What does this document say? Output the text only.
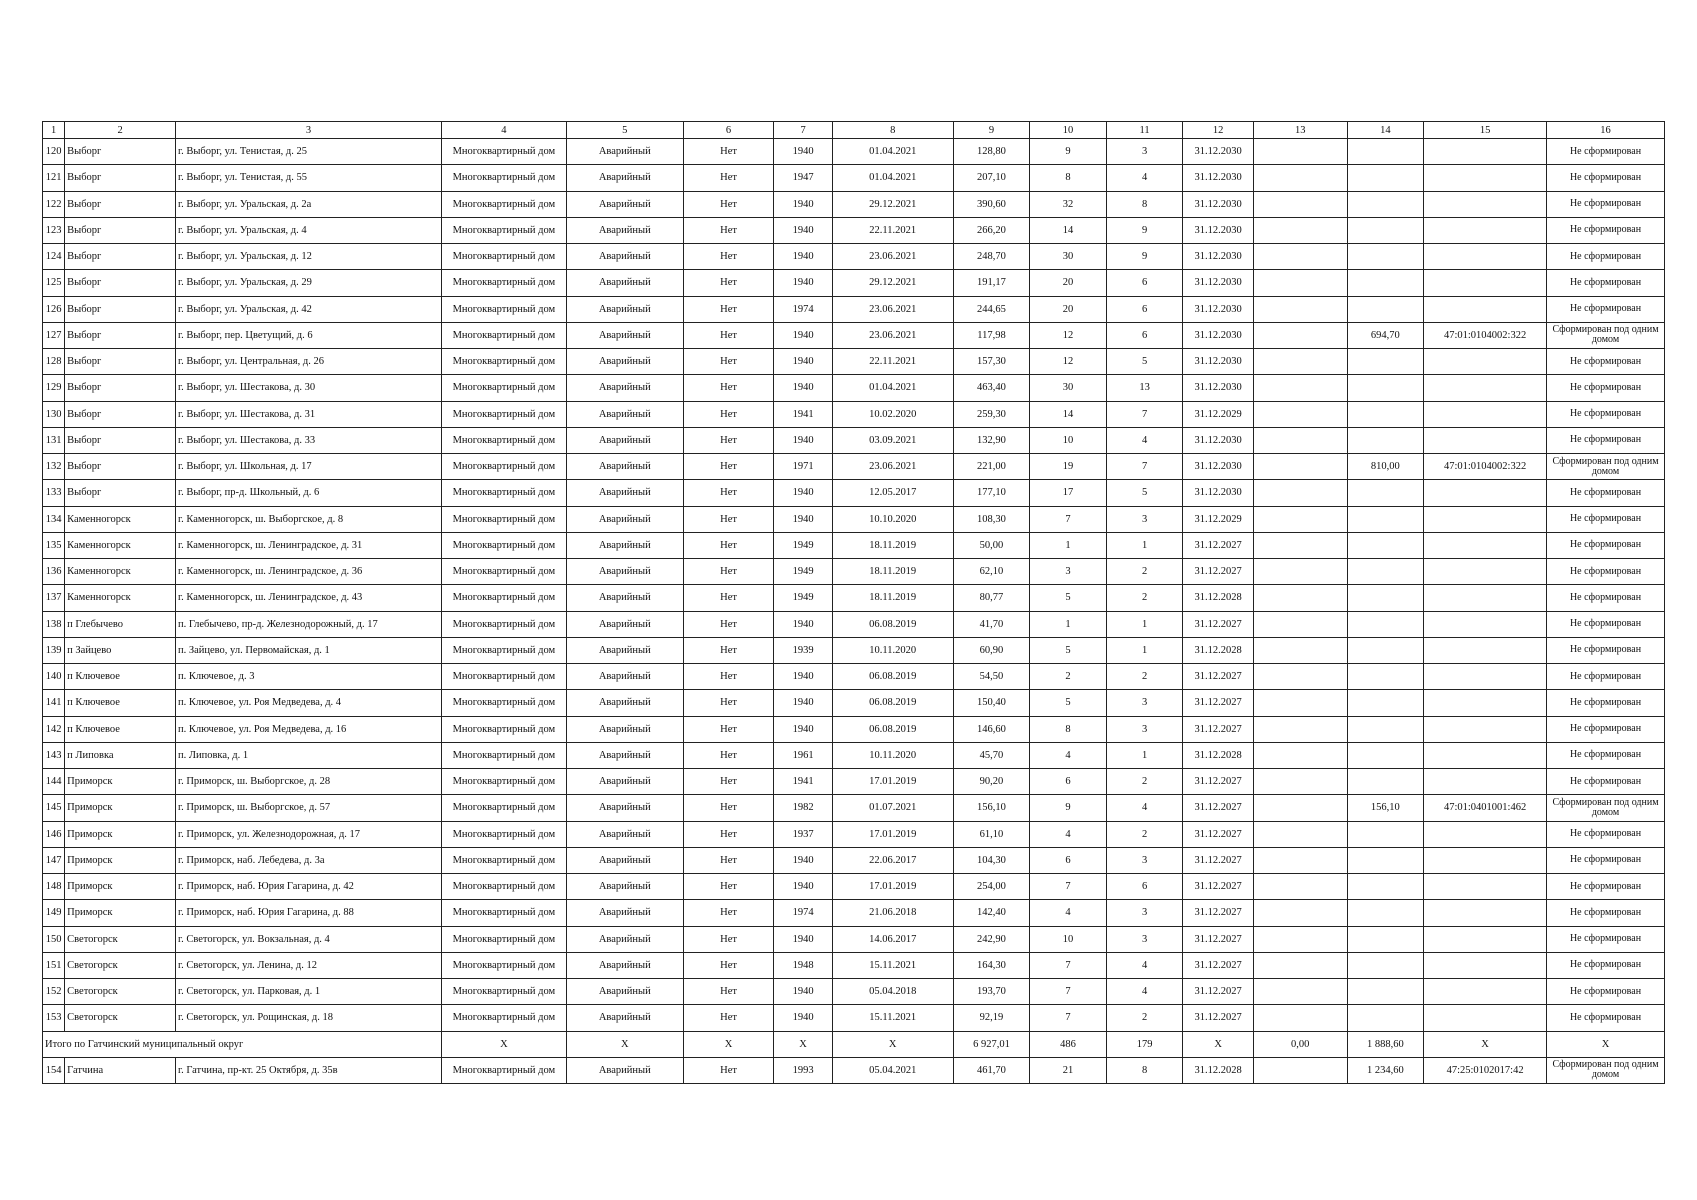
1	2	3	4	5	6	7	8	9	10	11	12	13	14	15	16
120	Выборг	г. Выборг, ул. Тенистая, д. 25	Многоквартирный дом	Аварийный	Нет	1940	01.04.2021	128,80	9	3	31.12.2030				Не сформирован
121	Выборг	г. Выборг, ул. Тенистая, д. 55	Многоквартирный дом	Аварийный	Нет	1947	01.04.2021	207,10	8	4	31.12.2030				Не сформирован
122	Выборг	г. Выборг, ул. Уральская, д. 2а	Многоквартирный дом	Аварийный	Нет	1940	29.12.2021	390,60	32	8	31.12.2030				Не сформирован
123	Выборг	г. Выборг, ул. Уральская, д. 4	Многоквартирный дом	Аварийный	Нет	1940	22.11.2021	266,20	14	9	31.12.2030				Не сформирован
124	Выборг	г. Выборг, ул. Уральская, д. 12	Многоквартирный дом	Аварийный	Нет	1940	23.06.2021	248,70	30	9	31.12.2030				Не сформирован
125	Выборг	г. Выборг, ул. Уральская, д. 29	Многоквартирный дом	Аварийный	Нет	1940	29.12.2021	191,17	20	6	31.12.2030				Не сформирован
126	Выборг	г. Выборг, ул. Уральская, д. 42	Многоквартирный дом	Аварийный	Нет	1974	23.06.2021	244,65	20	6	31.12.2030				Не сформирован
127	Выборг	г. Выборг, пер. Цветущий, д. 6	Многоквартирный дом	Аварийный	Нет	1940	23.06.2021	117,98	12	6	31.12.2030		694,70	47:01:0104002:322	Сформирован под одним домом
128	Выборг	г. Выборг, ул. Центральная, д. 26	Многоквартирный дом	Аварийный	Нет	1940	22.11.2021	157,30	12	5	31.12.2030				Не сформирован
129	Выборг	г. Выборг, ул. Шестакова, д. 30	Многоквартирный дом	Аварийный	Нет	1940	01.04.2021	463,40	30	13	31.12.2030				Не сформирован
130	Выборг	г. Выборг, ул. Шестакова, д. 31	Многоквартирный дом	Аварийный	Нет	1941	10.02.2020	259,30	14	7	31.12.2029				Не сформирован
131	Выборг	г. Выборг, ул. Шестакова, д. 33	Многоквартирный дом	Аварийный	Нет	1940	03.09.2021	132,90	10	4	31.12.2030				Не сформирован
132	Выборг	г. Выборг, ул. Школьная, д. 17	Многоквартирный дом	Аварийный	Нет	1971	23.06.2021	221,00	19	7	31.12.2030		810,00	47:01:0104002:322	Сформирован под одним домом
133	Выборг	г. Выборг, пр-д. Школьный, д. 6	Многоквартирный дом	Аварийный	Нет	1940	12.05.2017	177,10	17	5	31.12.2030				Не сформирован
134	Каменногорск	г. Каменногорск, ш. Выборгское, д. 8	Многоквартирный дом	Аварийный	Нет	1940	10.10.2020	108,30	7	3	31.12.2029				Не сформирован
135	Каменногорск	г. Каменногорск, ш. Ленинградское, д. 31	Многоквартирный дом	Аварийный	Нет	1949	18.11.2019	50,00	1	1	31.12.2027				Не сформирован
136	Каменногорск	г. Каменногорск, ш. Ленинградское, д. 36	Многоквартирный дом	Аварийный	Нет	1949	18.11.2019	62,10	3	2	31.12.2027				Не сформирован
137	Каменногорск	г. Каменногорск, ш. Ленинградское, д. 43	Многоквартирный дом	Аварийный	Нет	1949	18.11.2019	80,77	5	2	31.12.2028				Не сформирован
138	п Глебычево	п. Глебычево, пр-д. Железнодорожный, д. 17	Многоквартирный дом	Аварийный	Нет	1940	06.08.2019	41,70	1	1	31.12.2027				Не сформирован
139	п Зайцево	п. Зайцево, ул. Первомайская, д. 1	Многоквартирный дом	Аварийный	Нет	1939	10.11.2020	60,90	5	1	31.12.2028				Не сформирован
140	п Ключевое	п. Ключевое, д. 3	Многоквартирный дом	Аварийный	Нет	1940	06.08.2019	54,50	2	2	31.12.2027				Не сформирован
141	п Ключевое	п. Ключевое, ул. Роя Медведева, д. 4	Многоквартирный дом	Аварийный	Нет	1940	06.08.2019	150,40	5	3	31.12.2027				Не сформирован
142	п Ключевое	п. Ключевое, ул. Роя Медведева, д. 16	Многоквартирный дом	Аварийный	Нет	1940	06.08.2019	146,60	8	3	31.12.2027				Не сформирован
143	п Липовка	п. Липовка, д. 1	Многоквартирный дом	Аварийный	Нет	1961	10.11.2020	45,70	4	1	31.12.2028				Не сформирован
144	Приморск	г. Приморск, ш. Выборгское, д. 28	Многоквартирный дом	Аварийный	Нет	1941	17.01.2019	90,20	6	2	31.12.2027				Не сформирован
145	Приморск	г. Приморск, ш. Выборгское, д. 57	Многоквартирный дом	Аварийный	Нет	1982	01.07.2021	156,10	9	4	31.12.2027		156,10	47:01:0401001:462	Сформирован под одним домом
146	Приморск	г. Приморск, ул. Железнодорожная, д. 17	Многоквартирный дом	Аварийный	Нет	1937	17.01.2019	61,10	4	2	31.12.2027				Не сформирован
147	Приморск	г. Приморск, наб. Лебедева, д. 3а	Многоквартирный дом	Аварийный	Нет	1940	22.06.2017	104,30	6	3	31.12.2027				Не сформирован
148	Приморск	г. Приморск, наб. Юрия Гагарина, д. 42	Многоквартирный дом	Аварийный	Нет	1940	17.01.2019	254,00	7	6	31.12.2027				Не сформирован
149	Приморск	г. Приморск, наб. Юрия Гагарина, д. 88	Многоквартирный дом	Аварийный	Нет	1974	21.06.2018	142,40	4	3	31.12.2027				Не сформирован
150	Светогорск	г. Светогорск, ул. Вокзальная, д. 4	Многоквартирный дом	Аварийный	Нет	1940	14.06.2017	242,90	10	3	31.12.2027				Не сформирован
151	Светогорск	г. Светогорск, ул. Ленина, д. 12	Многоквартирный дом	Аварийный	Нет	1948	15.11.2021	164,30	7	4	31.12.2027				Не сформирован
152	Светогорск	г. Светогорск, ул. Парковая, д. 1	Многоквартирный дом	Аварийный	Нет	1940	05.04.2018	193,70	7	4	31.12.2027				Не сформирован
153	Светогорск	г. Светогорск, ул. Рощинская, д. 18	Многоквартирный дом	Аварийный	Нет	1940	15.11.2021	92,19	7	2	31.12.2027				Не сформирован
Итого по Гатчинский муниципальный округ			X	X	X	X	X	6 927,01	486	179	X	0,00	1 888,60	X	X
154	Гатчина	г. Гатчина, пр-кт. 25 Октября, д. 35в	Многоквартирный дом	Аварийный	Нет	1993	05.04.2021	461,70	21	8	31.12.2028		1 234,60	47:25:0102017:42	Сформирован под одним домом
